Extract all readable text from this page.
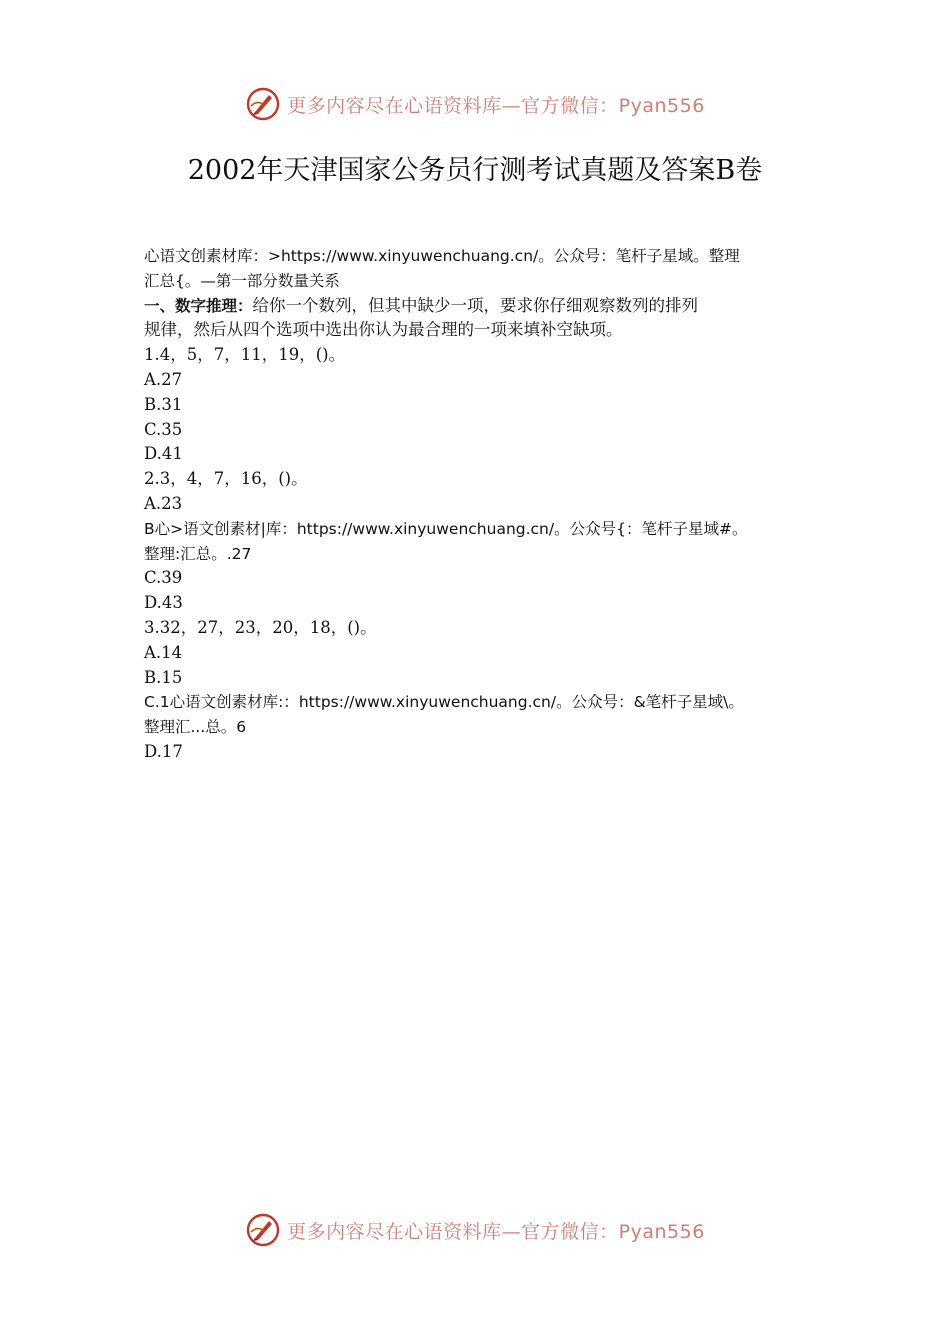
更多内容尽在心语资料库—官方微信：Pyan556
2002年天津国家公务员行测考试真题及答案B卷
心语文创素材库：>https://www.xinyuwenchuang.cn/。公众号：笔杆子星域。整理
汇总{。—第一部分数量关系
一、数字推理：给你一个数列，但其中缺少一项，要求你仔细观察数列的排列
规律，然后从四个选项中选出你认为最合理的一项来填补空缺项。
1.4，5，7，11，19，()。
A.27
B.31
C.35
D.41
2.3，4，7，16，()。
A.23
B心>语文创素材|库：https://www.xinyuwenchuang.cn/。公众号{：笔杆子星域#。
整理:汇总。.27
C.39
D.43
3.32，27，23，20，18，()。
A.14
B.15
C.1心语文创素材库:：https://www.xinyuwenchuang.cn/。公众号：&笔杆子星域\。
整理汇...总。6
D.17
更多内容尽在心语资料库—官方微信：Pyan556
